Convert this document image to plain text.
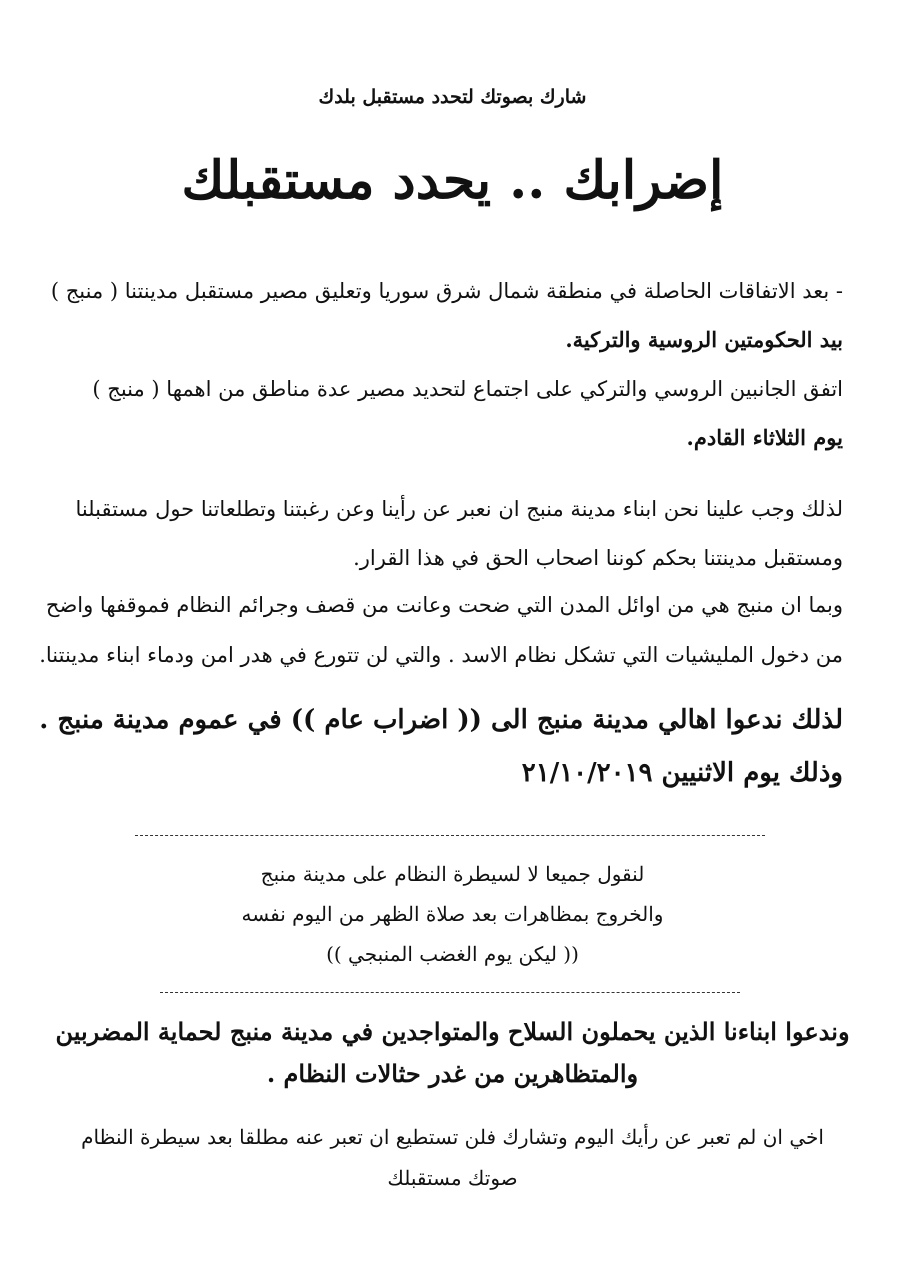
شارك بصوتك لتحدد مستقبل بلدك
إضرابك .. يحدد مستقبلك
- بعد الاتفاقات الحاصلة في منطقة شمال شرق سوريا وتعليق مصير مستقبل مدينتنا ( منبج )
بيد الحكومتين الروسية والتركية.
اتفق الجانبين الروسي والتركي على اجتماع لتحديد مصير عدة مناطق من اهمها ( منبج )
يوم الثلاثاء القادم.
لذلك وجب علينا نحن ابناء مدينة منبج ان نعبر عن رأينا وعن رغبتنا وتطلعاتنا حول مستقبلنا
ومستقبل مدينتنا بحكم كوننا اصحاب الحق في هذا القرار.
وبما ان منبج هي من اوائل المدن التي ضحت وعانت من قصف وجرائم النظام فموقفها واضح
من دخول المليشيات التي تشكل نظام الاسد . والتي لن تتورع في هدر امن ودماء ابناء مدينتنا.
لذلك ندعوا اهالي مدينة منبج الى (( اضراب عام )) في عموم مدينة منبج .
وذلك يوم الاثنيين ٢١/١٠/٢٠١٩
لنقول جميعا لا لسيطرة النظام على مدينة منبج
والخروج بمظاهرات بعد صلاة الظهر من اليوم نفسه
(( ليكن يوم الغضب المنبجي ))
وندعوا ابناءنا الذين يحملون السلاح والمتواجدين في مدينة منبج لحماية المضربين
والمتظاهرين من غدر حثالات النظام .
اخي ان لم تعبر عن رأيك اليوم وتشارك فلن تستطيع ان تعبر عنه مطلقا بعد سيطرة النظام
صوتك مستقبلك
